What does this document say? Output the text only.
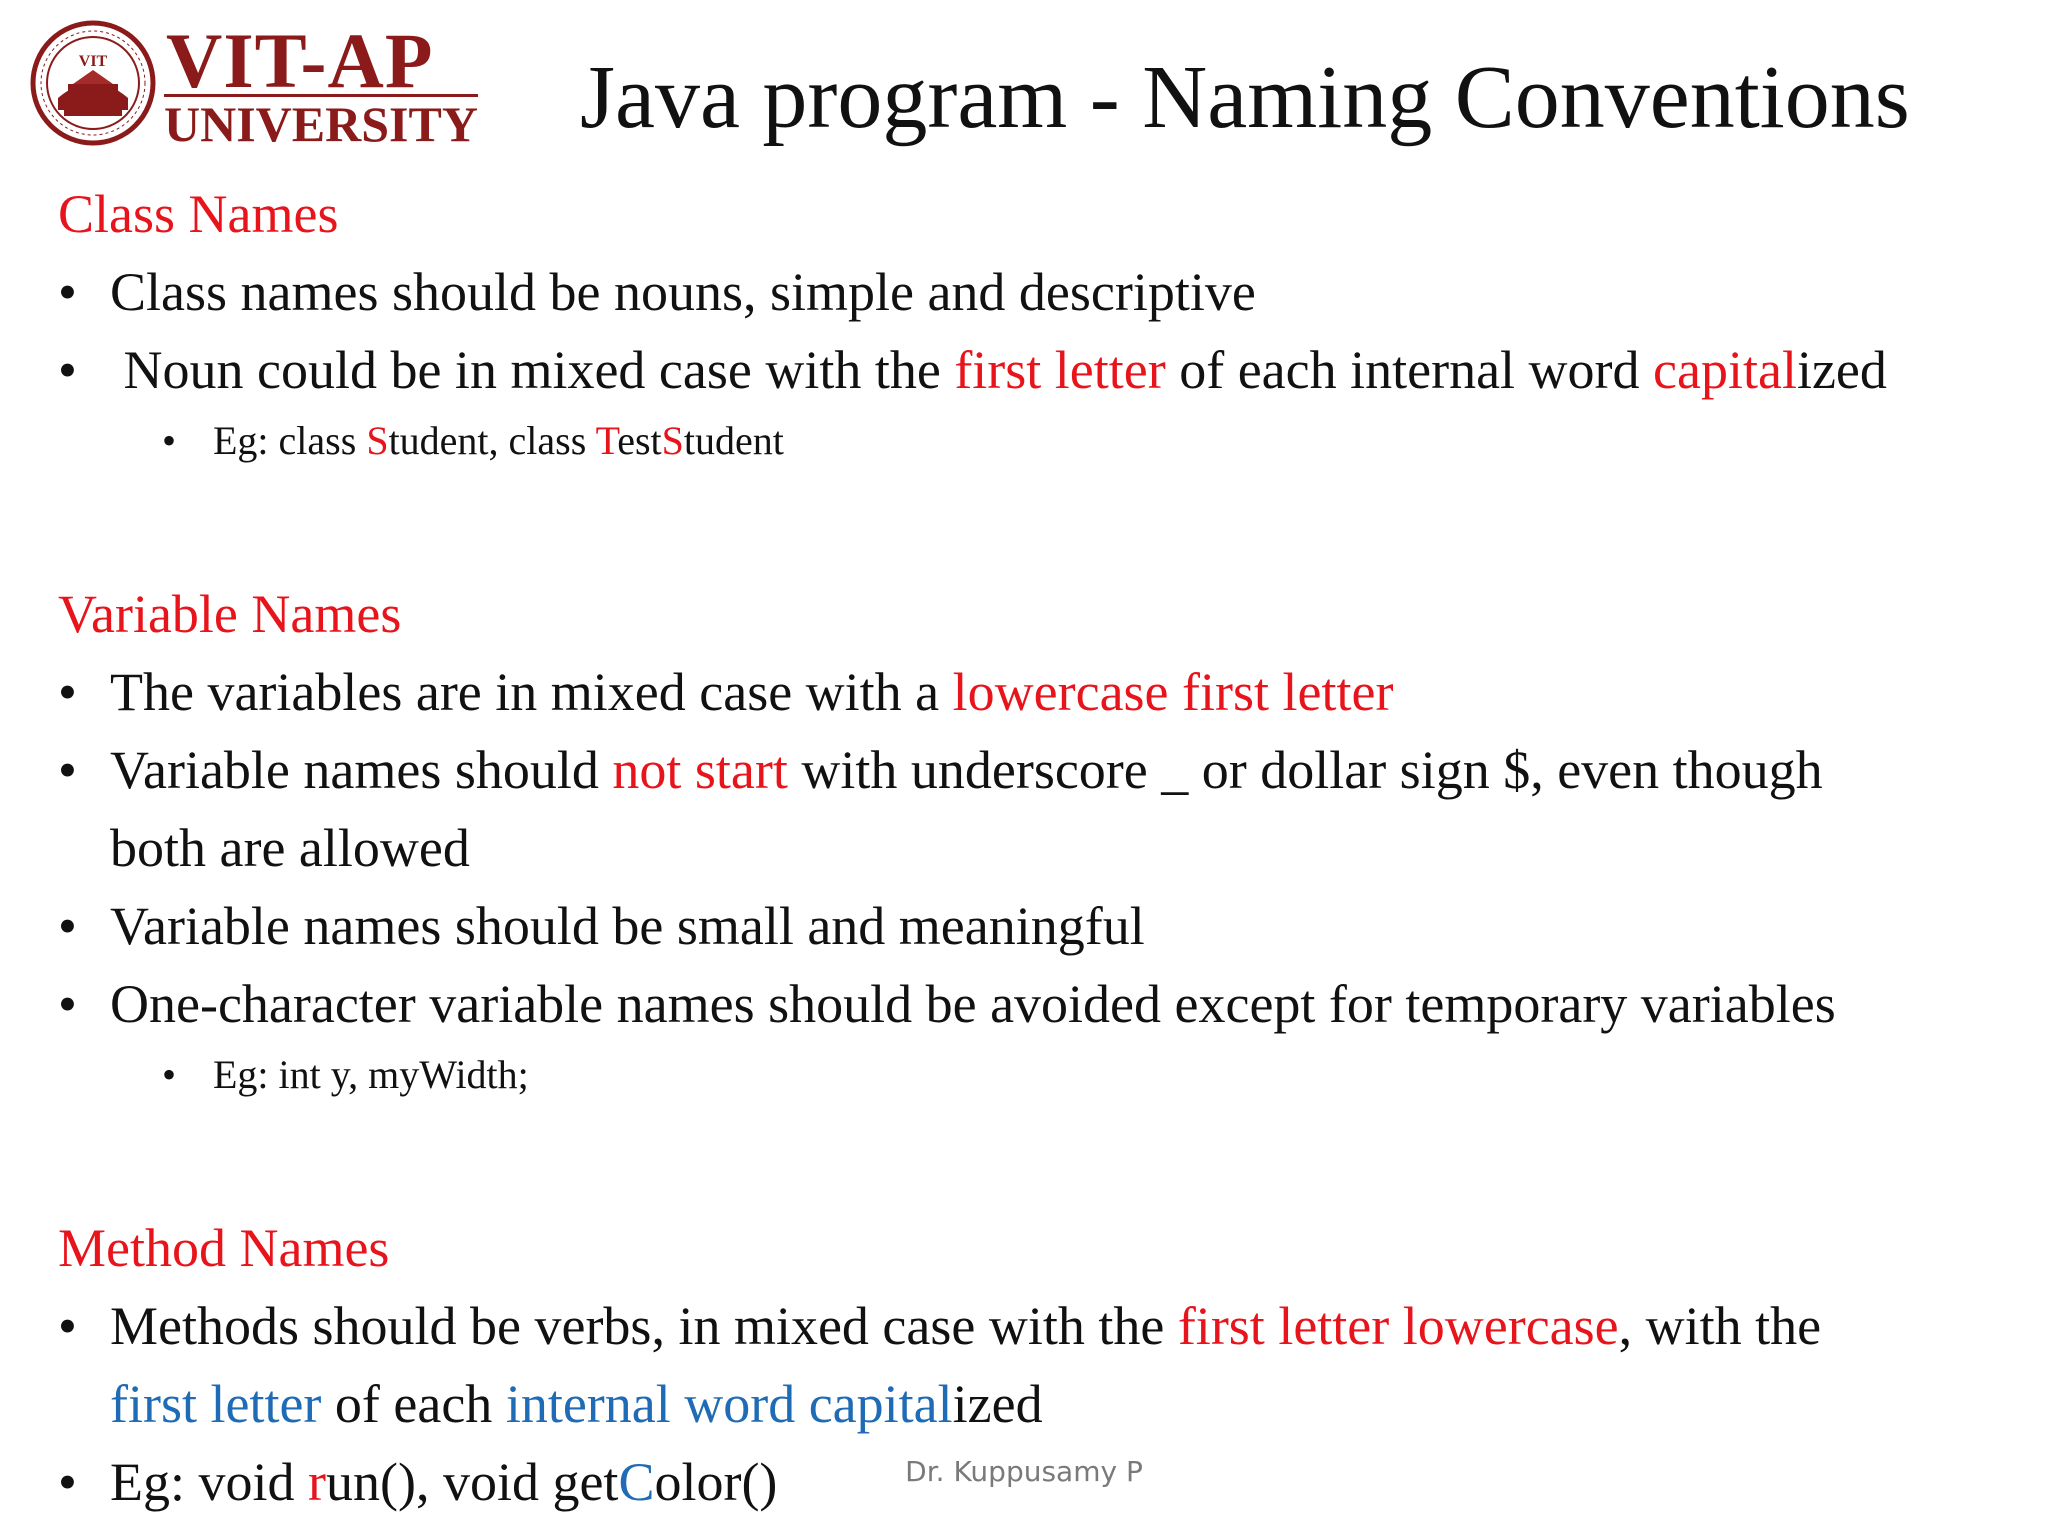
VIT VIT-AP
UNIVERSITY Java program - Naming Conventions
Class Names
• Class names should be nouns, simple and descriptive
• Noun could be in mixed case with the first letter of each internal word capitalized
• Eg: class Student, class TestStudent
Variable Names
• The variables are in mixed case with a lowercase first letter
• Variable names should not start with underscore _ or dollar sign $, even though
both are allowed
• Variable names should be small and meaningful
• One-character variable names should be avoided except for temporary variables
• Eg: int y, myWidth;
Method Names
• Methods should be verbs, in mixed case with the first letter lowercase, with the
first letter of each internal word capitalized
• Eg: void run(), void getColor()	Dr. Kuppusamy P
